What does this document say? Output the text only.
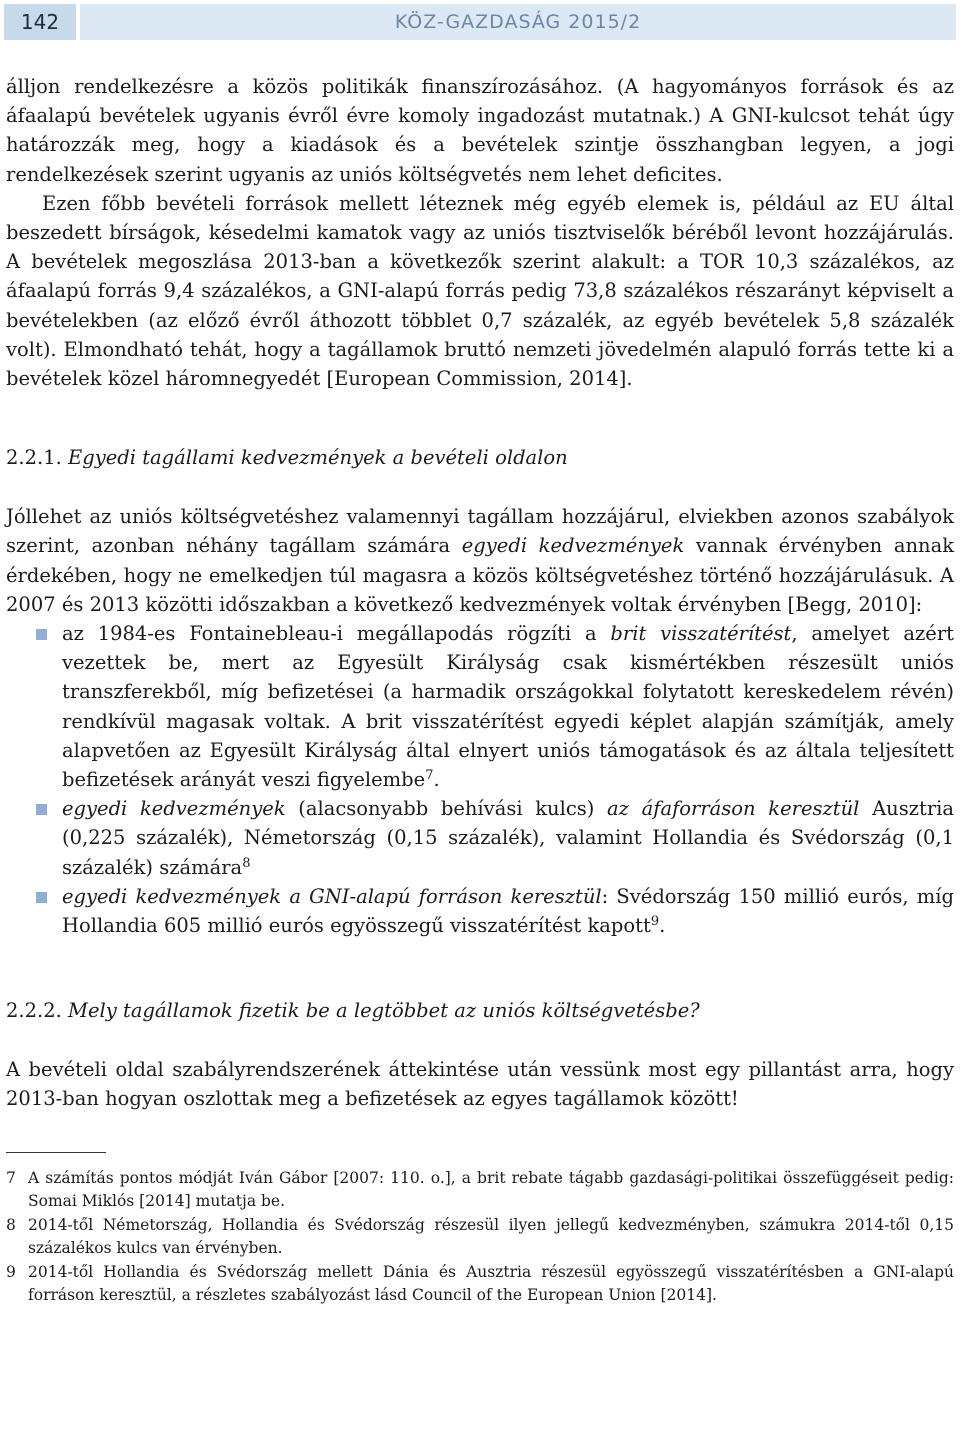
142	KÖZ-GAZDASÁG 2015/2

álljon rendelkezésre a közös politikák finanszírozásához. (A hagyományos források és az áfaalapú bevételek ugyanis évről évre komoly ingadozást mutatnak.) A GNI-kulcsot tehát úgy határozzák meg, hogy a kiadások és a bevételek szintje összhangban legyen, a jogi rendelkezések szerint ugyanis az uniós költségvetés nem lehet deficites.

Ezen főbb bevételi források mellett léteznek még egyéb elemek is, például az EU által beszedett bírságok, késedelmi kamatok vagy az uniós tisztviselők béréből levont hozzájárulás. A bevételek megoszlása 2013-ban a következők szerint alakult: a TOR 10,3 százalékos, az áfaalapú forrás 9,4 százalékos, a GNI-alapú forrás pedig 73,8 százalékos részarányt képviselt a bevételekben (az előző évről áthozott többlet 0,7 százalék, az egyéb bevételek 5,8 százalék volt). Elmondható tehát, hogy a tagállamok bruttó nemzeti jövedelmén alapuló forrás tette ki a bevételek közel háromnegyedét [European Commission, 2014].

2.2.1. Egyedi tagállami kedvezmények a bevételi oldalon

Jóllehet az uniós költségvetéshez valamennyi tagállam hozzájárul, elviekben azonos szabályok szerint, azonban néhány tagállam számára egyedi kedvezmények vannak érvényben annak érdekében, hogy ne emelkedjen túl magasra a közös költségvetéshez történő hozzájárulásuk. A 2007 és 2013 közötti időszakban a következő kedvezmények voltak érvényben [Begg, 2010]:

az 1984-es Fontainebleau-i megállapodás rögzíti a brit visszatérítést, amelyet azért vezettek be, mert az Egyesült Királyság csak kismértékben részesült uniós transzferekből, míg befizetései (a harmadik országokkal folytatott kereskedelem révén) rendkívül magasak voltak. A brit visszatérítést egyedi képlet alapján számítják, amely alapvetően az Egyesült Királyság által elnyert uniós támogatások és az általa teljesített befizetések arányát veszi figyelembe$^7$.
egyedi kedvezmények (alacsonyabb behívási kulcs) az áfaforráson keresztül Ausztria (0,225 százalék), Németország (0,15 százalék), valamint Hollandia és Svédország (0,1 százalék) számára$^8$
egyedi kedvezmények a GNI-alapú forráson keresztül: Svédország 150 millió eurós, míg Hollandia 605 millió eurós egyösszegű visszatérítést kapott$^9$.
2.2.2. Mely tagállamok fizetik be a legtöbbet az uniós költségvetésbe?

A bevételi oldal szabályrendszerének áttekintése után vessünk most egy pillantást arra, hogy 2013-ban hogyan oszlottak meg a befizetések az egyes tagállamok között!

7 A számítás pontos módját Iván Gábor [2007: 110. o.], a brit rebate tágabb gazdasági-politikai összefüggéseit pedig: Somai Miklós [2014] mutatja be.
8 2014-től Németország, Hollandia és Svédország részesül ilyen jellegű kedvezményben, számukra 2014-től 0,15 százalékos kulcs van érvényben.
9 2014-től Hollandia és Svédország mellett Dánia és Ausztria részesül egyösszegű visszatérítésben a GNI-alapú forráson keresztül, a részletes szabályozást lásd Council of the European Union [2014].
